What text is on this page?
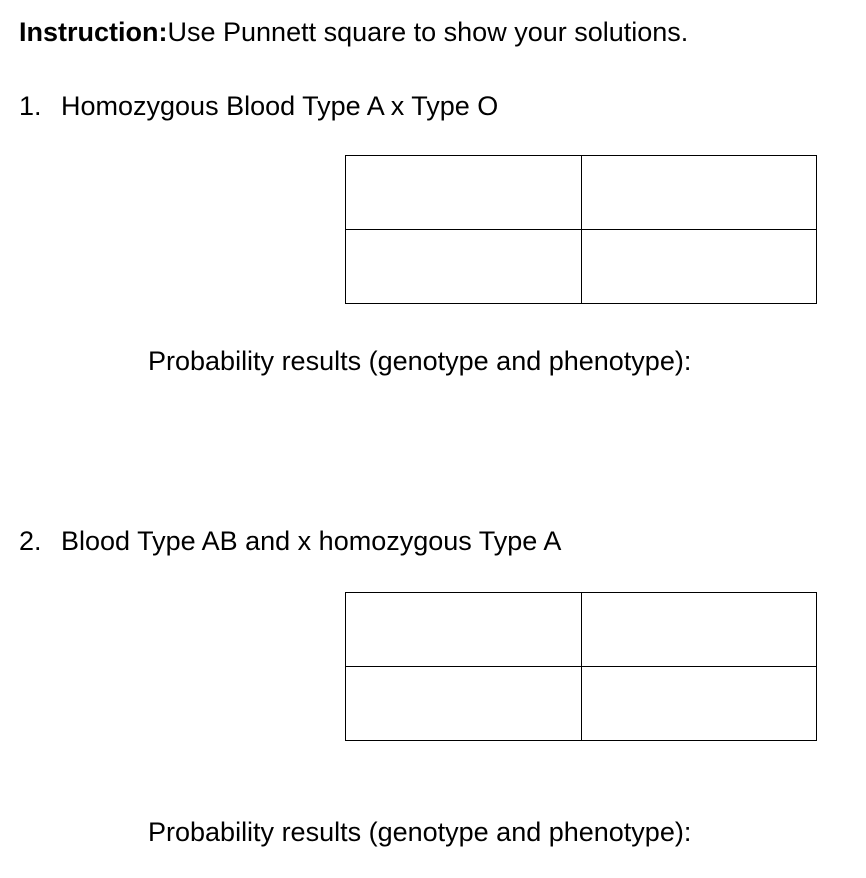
Instruction:Use Punnett square to show your solutions.
1. Homozygous Blood Type A x Type O

Probability results (genotype and phenotype):
2. Blood Type AB and x homozygous Type A

Probability results (genotype and phenotype):
